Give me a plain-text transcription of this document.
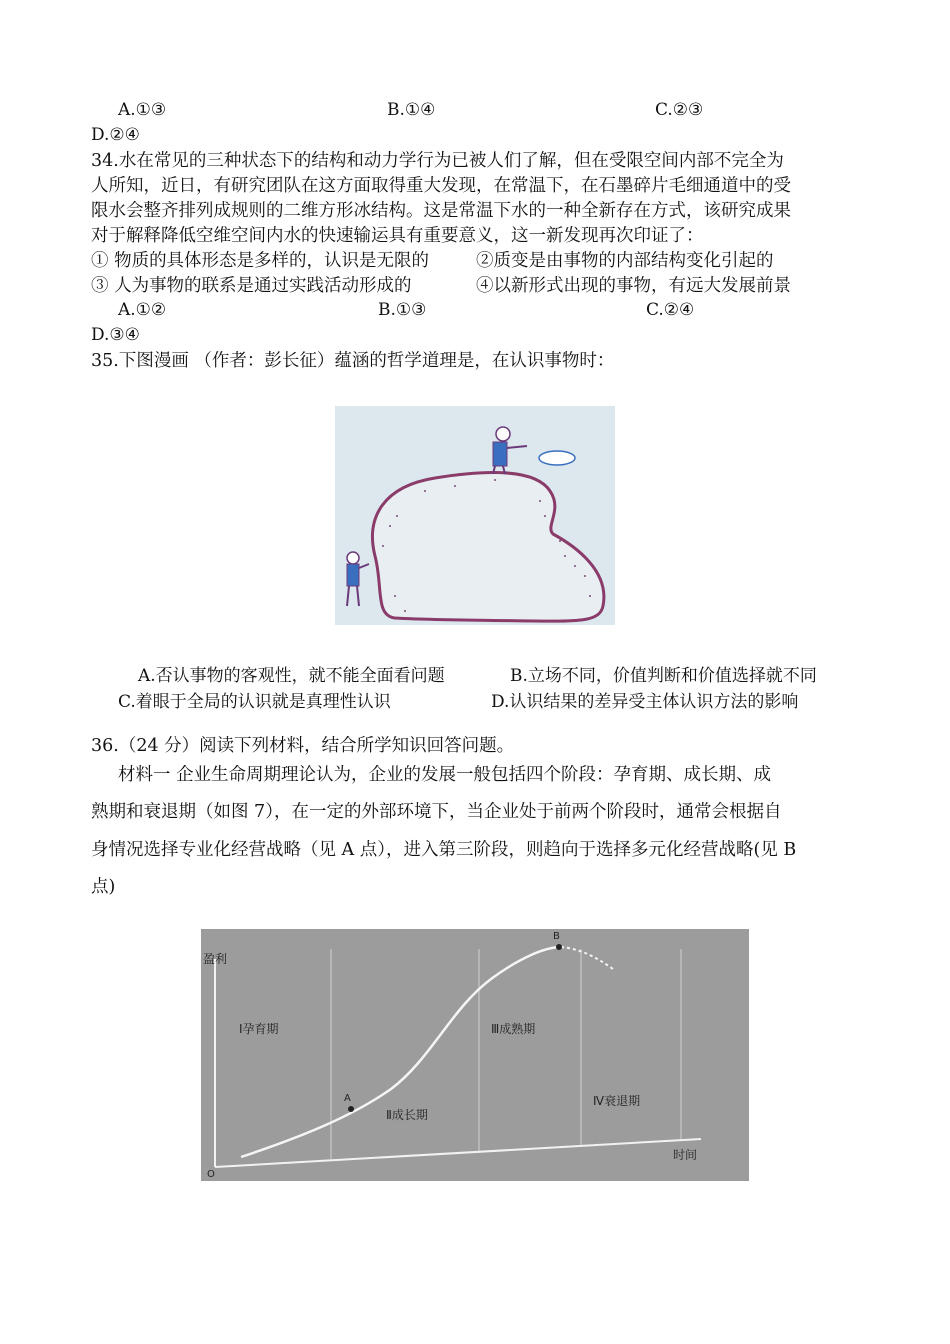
A.①③	B.①④	C.②③
D.②④
34.水在常见的三种状态下的结构和动力学行为已被人们了解，但在受限空间内部不完全为
人所知，近日，有研究团队在这方面取得重大发现，在常温下，在石墨碎片毛细通道中的受
限水会整齐排列成规则的二维方形冰结构。这是常温下水的一种全新存在方式，该研究成果
对于解释降低空维空间内水的快速输运具有重要意义，这一新发现再次印证了：
① 物质的具体形态是多样的，认识是无限的	②质变是由事物的内部结构变化引起的
③ 人为事物的联系是通过实践活动形成的	④以新形式出现的事物，有远大发展前景
A.①②	B.①③	C.②④
D.③④
35.下图漫画 （作者：彭长征）蕴涵的哲学道理是，在认识事物时：
A.否认事物的客观性，就不能全面看问题	B.立场不同，价值判断和价值选择就不同
C.着眼于全局的认识就是真理性认识	D.认识结果的差异受主体认识方法的影响
36.（24 分）阅读下列材料，结合所学知识回答问题。
材料一 企业生命周期理论认为，企业的发展一般包括四个阶段：孕育期、成长期、成
熟期和衰退期（如图 7），在一定的外部环境下，当企业处于前两个阶段时，通常会根据自
身情况选择专业化经营战略（见 A 点），进入第三阶段，则趋向于选择多元化经营战略(见 B
点)
盈利
时间
O
Ⅰ孕育期
Ⅱ成长期
Ⅲ成熟期
Ⅳ衰退期
A
B
